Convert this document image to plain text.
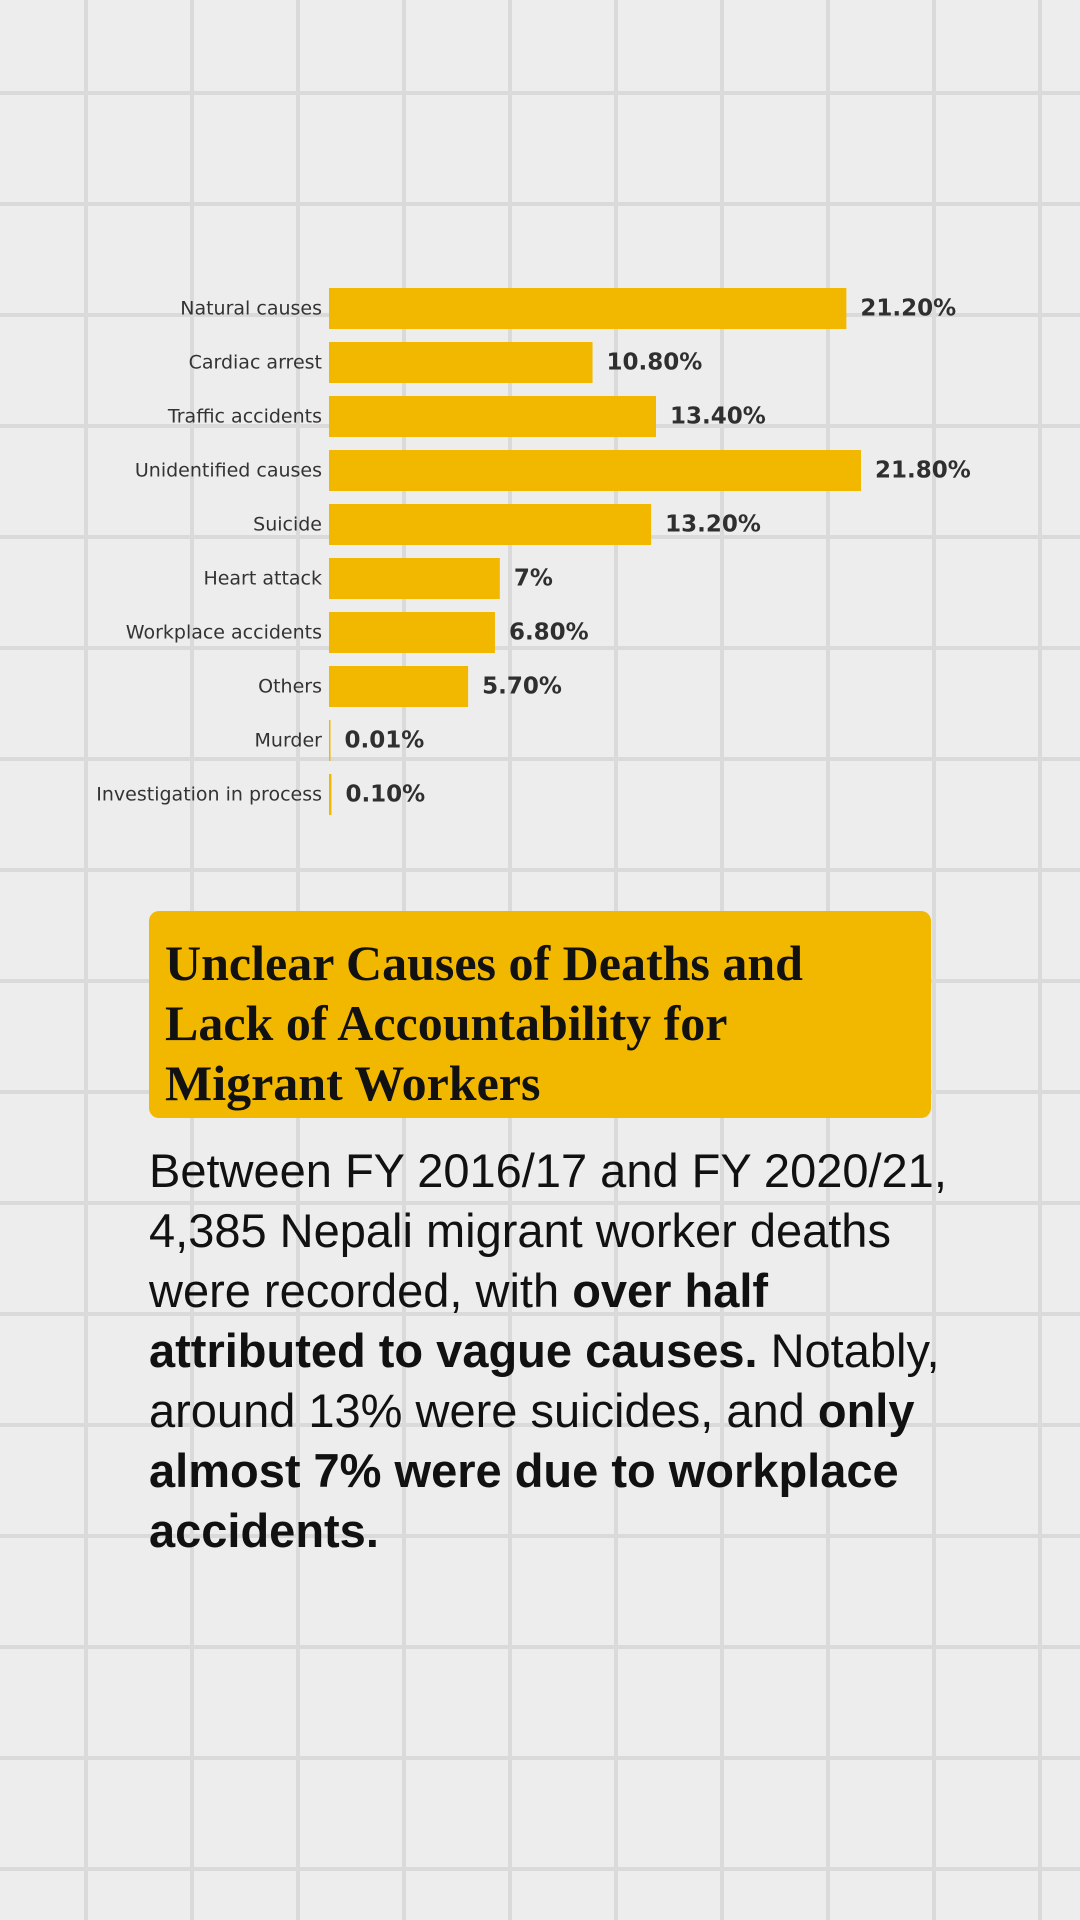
Natural causes	21.20%
Cardiac arrest	10.80%
Traffic accidents	13.40%
Unidentified causes	21.80%
Suicide	13.20%
Heart attack	7%
Workplace accidents	6.80%
Others	5.70%
Murder 0.01%
Investigation in process 0.10%
Unclear Causes of Deaths and Lack of Accountability for Migrant Workers

Between FY 2016/17 and FY 2020/21, 4,385 Nepali migrant worker deaths were recorded, with over half attributed to vague causes. Notably, around 13% were suicides, and only almost 7% were due to workplace accidents.
